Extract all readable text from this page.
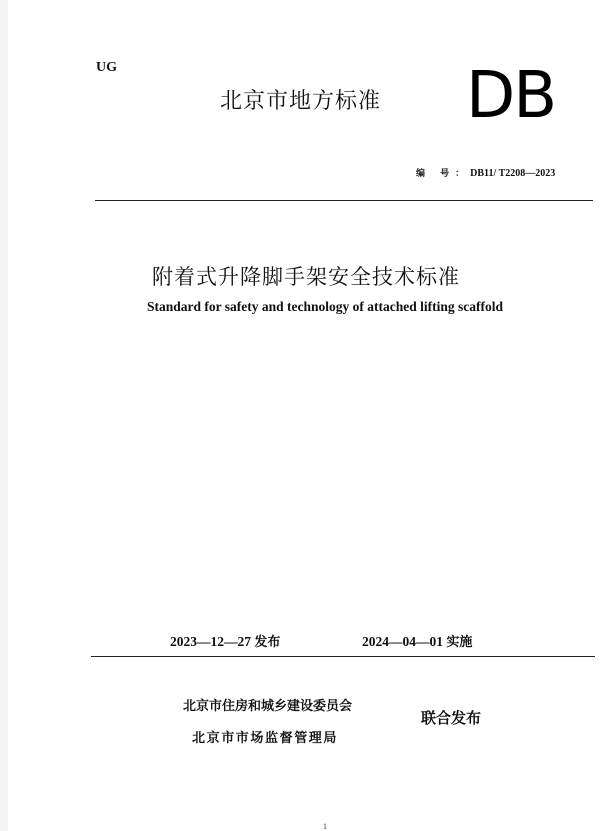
UG
北京市地方标准 DB
编 号：DB11/ T2208—2023
附着式升降脚手架安全技术标准
Standard for safety and technology of attached lifting scaffold
2023—12—27 发布	2024—04—01 实施
北京市住房和城乡建设委员会
北京市市场监督管理局
联合发布
1
